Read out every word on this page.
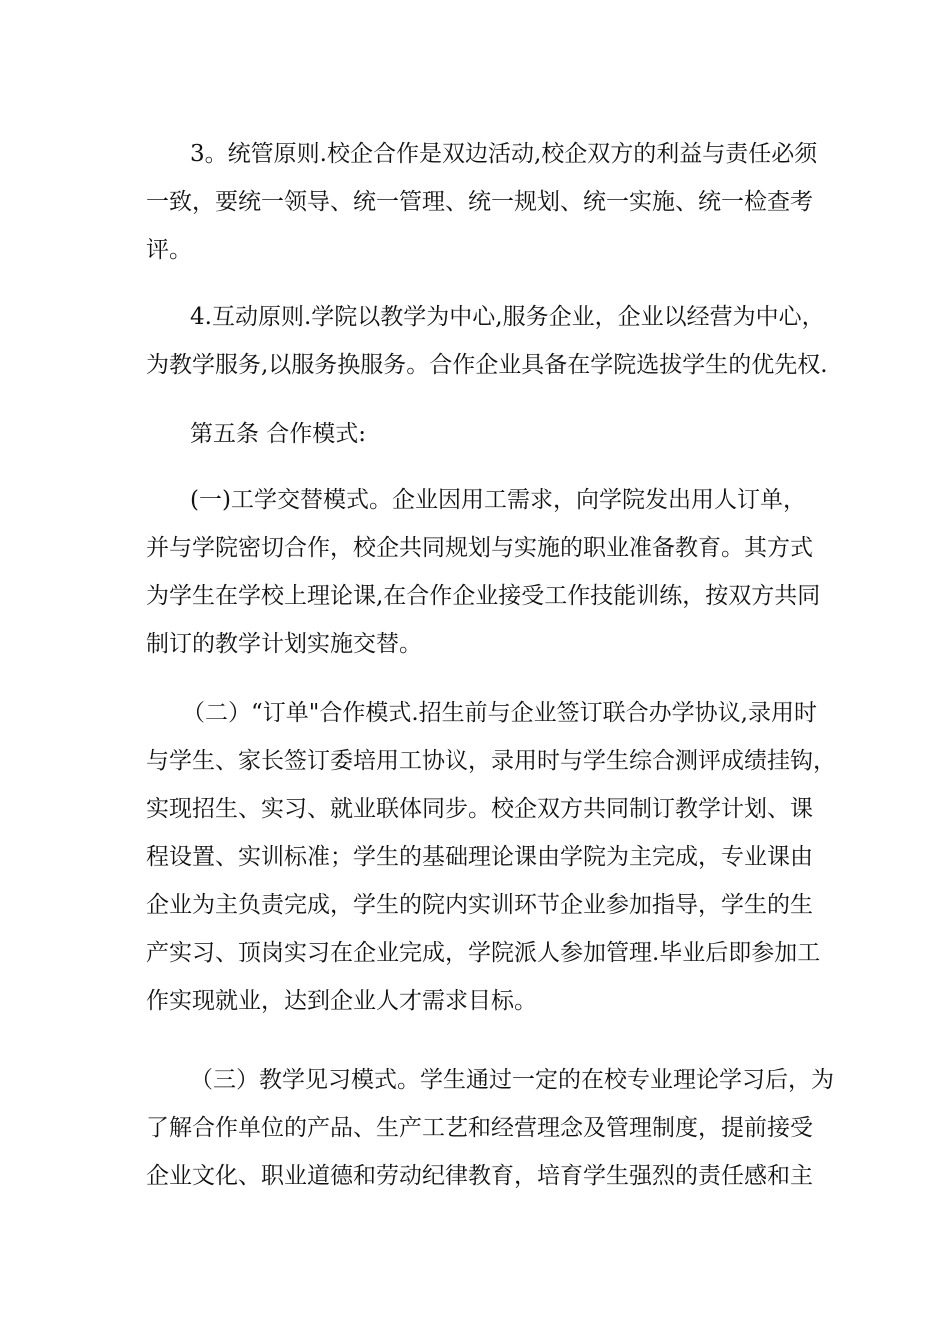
3。统管原则.校企合作是双边活动,校企双方的利益与责任必须
一致，要统一领导、统一管理、统一规划、统一实施、统一检查考
评。
4.互动原则.学院以教学为中心,服务企业，企业以经营为中心，
为教学服务,以服务换服务。合作企业具备在学院选拔学生的优先权.
第五条 合作模式:
(一)工学交替模式。企业因用工需求，向学院发出用人订单，
并与学院密切合作，校企共同规划与实施的职业准备教育。其方式
为学生在学校上理论课,在合作企业接受工作技能训练，按双方共同
制订的教学计划实施交替。
（二）“订单"合作模式.招生前与企业签订联合办学协议,录用时
与学生、家长签订委培用工协议，录用时与学生综合测评成绩挂钩，
实现招生、实习、就业联体同步。校企双方共同制订教学计划、课
程设置、实训标准；学生的基础理论课由学院为主完成，专业课由
企业为主负责完成，学生的院内实训环节企业参加指导，学生的生
产实习、顶岗实习在企业完成，学院派人参加管理.毕业后即参加工
作实现就业，达到企业人才需求目标。
（三）教学见习模式。学生通过一定的在校专业理论学习后，为
了解合作单位的产品、生产工艺和经营理念及管理制度，提前接受
企业文化、职业道德和劳动纪律教育，培育学生强烈的责任感和主
